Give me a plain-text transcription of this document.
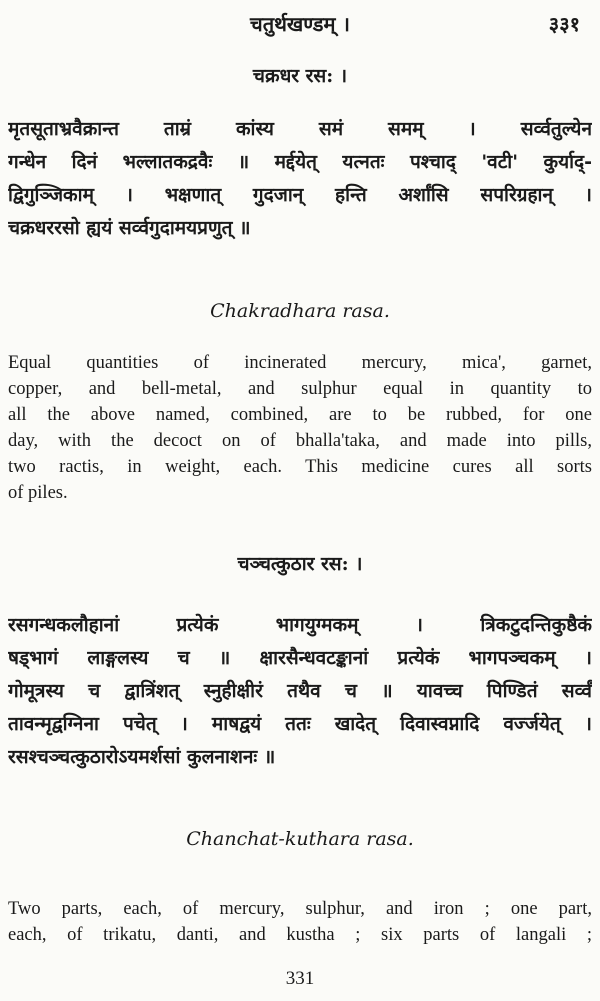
चतुर्थखण्डम् ।	३३१
चक्रधर रस: ।
मृतसूताभ्रवैक्रान्त ताम्रं कांस्य समं समम् । सर्व्वतुल्येन
गन्धेन दिनं भल्लातकद्रवैः ॥ मर्द्दयेत् यत्नतः पश्चाद् 'वटी' कुर्याद्-
द्विगुञ्जिकाम् । भक्षणात् गुदजान् हन्ति अर्शांसि सपरिग्रहान् ।
चक्रधररसो ह्ययं सर्व्वगुदामयप्रणुत् ॥
Chakradhara rasa.
Equal quantities of incinerated mercury, mica', garnet,
copper, and bell-metal, and sulphur equal in quantity to
all the above named, combined, are to be rubbed, for one
day, with the decoct on of bhalla'taka, and made into pills,
two ractis, in weight, each. This medicine cures all sorts
of piles.
चञ्चत्कुठार रस: ।
रसगन्धकलौहानां प्रत्येकं भागयुग्मकम् । त्रिकटुदन्तिकुष्ठैकं
षड्भागं लाङ्गलस्य च ॥ क्षारसैन्धवटङ्कानां प्रत्येकं भागपञ्चकम् ।
गोमूत्रस्य च द्वात्रिंशत् स्नुहीक्षीरं तथैव च ॥ यावच्च पिण्डितं सर्व्वं
तावन्मृद्वग्निना पचेत् । माषद्वयं ततः खादेत् दिवास्वप्नादि वर्ज्जयेत् ।
रसश्चञ्चत्कुठारोऽयमर्शसां कुलनाशनः ॥
Chanchat-kuthara rasa.
Two parts, each, of mercury, sulphur, and iron ; one part,
each, of trikatu, danti, and kustha ; six parts of langali ;
331
